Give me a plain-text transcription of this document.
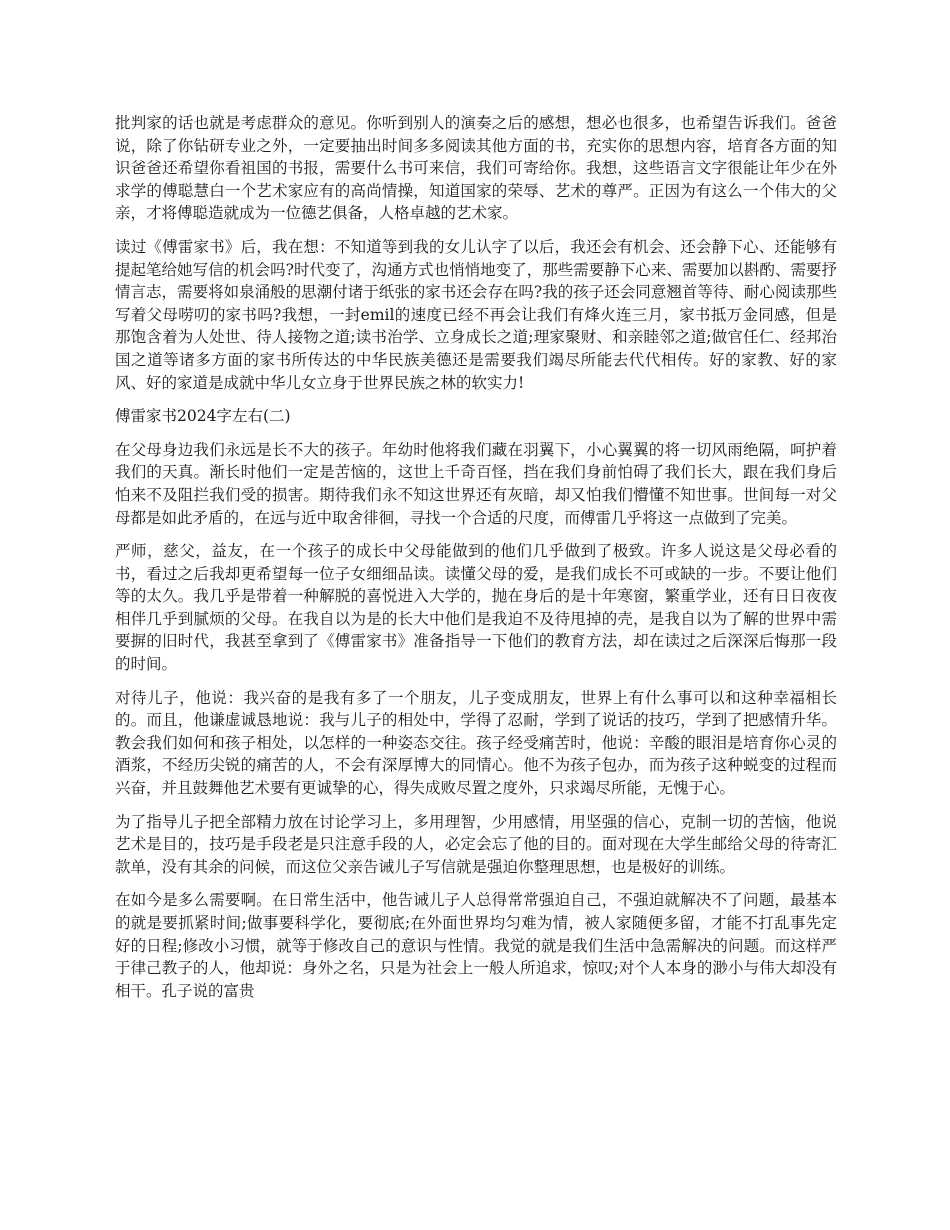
批判家的话也就是考虑群众的意见。你听到别人的演奏之后的感想，想必也很多，也希望告诉我们。爸爸说，除了你钻研专业之外，一定要抽出时间多多阅读其他方面的书，充实你的思想内容，培育各方面的知识爸爸还希望你看祖国的书报，需要什么书可来信，我们可寄给你。我想，这些语言文字很能让年少在外求学的傅聪慧白一个艺术家应有的高尚情操，知道国家的荣辱、艺术的尊严。正因为有这么一个伟大的父亲，才将傅聪造就成为一位德艺俱备，人格卓越的艺术家。

读过《傅雷家书》后，我在想：不知道等到我的女儿认字了以后，我还会有机会、还会静下心、还能够有提起笔给她写信的机会吗?时代变了，沟通方式也悄悄地变了，那些需要静下心来、需要加以斟酌、需要抒情言志，需要将如泉涌般的思潮付诸于纸张的家书还会存在吗?我的孩子还会同意翘首等待、耐心阅读那些写着父母唠叨的家书吗?我想，一封emil的速度已经不再会让我们有烽火连三月，家书抵万金同感，但是那饱含着为人处世、待人接物之道;读书治学、立身成长之道;理家聚财、和亲睦邻之道;做官任仁、经邦治国之道等诸多方面的家书所传达的中华民族美德还是需要我们竭尽所能去代代相传。好的家教、好的家风、好的家道是成就中华儿女立身于世界民族之林的软实力!

傅雷家书2024字左右(二)

在父母身边我们永远是长不大的孩子。年幼时他将我们藏在羽翼下，小心翼翼的将一切风雨绝隔，呵护着我们的天真。渐长时他们一定是苦恼的，这世上千奇百怪，挡在我们身前怕碍了我们长大，跟在我们身后怕来不及阻拦我们受的损害。期待我们永不知这世界还有灰暗，却又怕我们懵懂不知世事。世间每一对父母都是如此矛盾的，在远与近中取舍徘徊，寻找一个合适的尺度，而傅雷几乎将这一点做到了完美。

严师，慈父，益友，在一个孩子的成长中父母能做到的他们几乎做到了极致。许多人说这是父母必看的书，看过之后我却更希望每一位子女细细品读。读懂父母的爱，是我们成长不可或缺的一步。不要让他们等的太久。我几乎是带着一种解脱的喜悦进入大学的，抛在身后的是十年寒窗，繁重学业，还有日日夜夜相伴几乎到腻烦的父母。在我自以为是的长大中他们是我迫不及待甩掉的壳，是我自以为了解的世界中需要摒的旧时代，我甚至拿到了《傅雷家书》准备指导一下他们的教育方法，却在读过之后深深后悔那一段的时间。

对待儿子，他说：我兴奋的是我有多了一个朋友，儿子变成朋友，世界上有什么事可以和这种幸福相长的。而且，他谦虚诚恳地说：我与儿子的相处中，学得了忍耐，学到了说话的技巧，学到了把感情升华。教会我们如何和孩子相处，以怎样的一种姿态交往。孩子经受痛苦时，他说：辛酸的眼泪是培育你心灵的酒浆，不经历尖锐的痛苦的人，不会有深厚博大的同情心。他不为孩子包办，而为孩子这种蜕变的过程而兴奋，并且鼓舞他艺术要有更诚挚的心，得失成败尽置之度外，只求竭尽所能，无愧于心。

为了指导儿子把全部精力放在讨论学习上，多用理智，少用感情，用坚强的信心，克制一切的苦恼，他说艺术是目的，技巧是手段老是只注意手段的人，必定会忘了他的目的。面对现在大学生邮给父母的待寄汇款单，没有其余的问候，而这位父亲告诫儿子写信就是强迫你整理思想，也是极好的训练。

在如今是多么需要啊。在日常生活中，他告诫儿子人总得常常强迫自己，不强迫就解决不了问题，最基本的就是要抓紧时间;做事要科学化，要彻底;在外面世界均匀难为情，被人家随便多留，才能不打乱事先定好的日程;修改小习惯，就等于修改自己的意识与性情。我觉的就是我们生活中急需解决的问题。而这样严于律己教子的人，他却说：身外之名，只是为社会上一般人所追求，惊叹;对个人本身的渺小与伟大却没有相干。孔子说的富贵
